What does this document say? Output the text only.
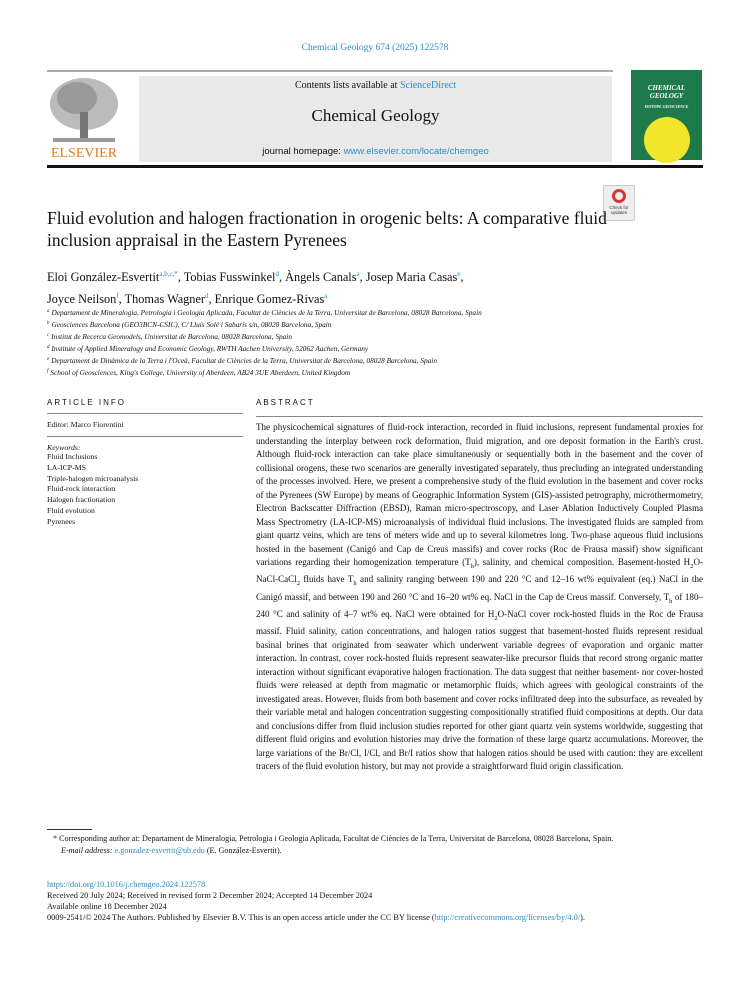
Chemical Geology 674 (2025) 122578
ELSEVIER
Contents lists available at ScienceDirect
Chemical Geology
journal homepage: www.elsevier.com/locate/chemgeo
CHEMICAL GEOLOGY
ISOTOPE GEOSCIENCE
Check for updates
Fluid evolution and halogen fractionation in orogenic belts: A comparative fluid inclusion appraisal in the Eastern Pyrenees
Eloi González-Esvertit$^{a,b,c,*}$, Tobias Fusswinkel$^d$, Àngels Canals$^a$, Josep Maria Casas$^e$,
Joyce Neilson$^f$, Thomas Wagner$^d$, Enrique Gomez-Rivas$^a$
$^a$ Departament de Mineralogia, Petrologia i Geologia Aplicada, Facultat de Ciències de la Terra, Universitat de Barcelona, 08028 Barcelona, Spain
$^b$ Geosciences Barcelona (GEO3BCN-CSIC), C/ Lluís Solé i Sabarís s/n, 08028 Barcelona, Spain
$^c$ Institut de Recerca Geomodels, Universitat de Barcelona, 08028 Barcelona, Spain
$^d$ Institute of Applied Mineralogy and Economic Geology, RWTH Aachen University, 52062 Aachen, Germany
$^e$ Departament de Dinàmica de la Terra i l'Oceà, Facultat de Ciències de la Terra, Universitat de Barcelona, 08028 Barcelona, Spain
$^f$ School of Geosciences, King's College, University of Aberdeen, AB24 3UE Aberdeen, United Kingdom
ARTICLE INFO
Editor: Marco Fiorentini
Keywords:
Fluid Inclusions
LA-ICP-MS
Triple-halogen microanalysis
Fluid-rock interaction
Halogen fractionation
Fluid evolution
Pyrenees
ABSTRACT

The physicochemical signatures of fluid-rock interaction, recorded in fluid inclusions, represent fundamental proxies for understanding the interplay between rock deformation, fluid migration, and ore deposit formation in the Earth's crust. Although fluid-rock interaction can take place simultaneously or sequentially both in the basement and the cover of collisional orogens, these two scenarios are generally investigated separately, thus precluding an integrated understanding of the processes involved. Here, we present a comprehensive study of the fluid evolution in the basement and cover rocks of the Pyrenees (SW Europe) by means of Geographic Information System (GIS)-assisted petrography, microthermometry, Electron Backscatter Diffraction (EBSD), Raman micro-spectroscopy, and Laser Ablation Inductively Coupled Plasma Mass Spectrometry (LA-ICP-MS) microanalysis of individual fluid inclusions. The investigated fluids are sampled from giant quartz veins, which are tens of meters wide and up to several kilometres long. Two-phase aqueous fluid inclusions hosted in the basement (Canigó and Cap de Creus massifs) and cover rocks (Roc de Frausa massif) show significant variations regarding their homogenization temperature $(T_h)$, salinity, and chemical composition. Basement-hosted $H_2O-NaCl-CaCl_2$ fluids have $T_h$ and salinity ranging between 190 and 220 °C and 12–16 wt% equivalent (eq.) NaCl in the Canigó massif, and between 190 and 260 °C and 16–20 wt% eq. NaCl in the Cap de Creus massif. Conversely, $T_h$ of 180–240 °C and salinity of 4–7 wt% eq. NaCl were obtained for $H_2O$-NaCl cover rock-hosted fluids in the Roc de Frausa massif. Fluid salinity, cation concentrations, and halogen ratios suggest that basement-hosted fluids represent residual basinal brines that originated from seawater which underwent variable degrees of evaporation and organic matter interaction. In contrast, cover rock-hosted fluids represent seawater-like precursor fluids that record strong organic matter interaction without significant evaporative halogen fractionation. The data suggest that neither basement- nor cover-hosted fluids were released at depth from magmatic or metamorphic fluids, which agrees with geological constraints of the investigated areas. However, fluids from both basement and cover rocks infiltrated deep into the subsurface, as revealed by their variable metal and halogen concentration suggesting compositionally stratified fluid compositions at depth. Our data and conclusions differ from fluid inclusion studies reported for other giant quartz vein systems worldwide, suggesting that different fluid origins and evolution histories may drive the formation of these large quartz accumulations. Moreover, the large variations of the Br/Cl, I/Cl, and Br/I ratios show that halogen ratios should be used with caution: they are excellent tracers of the fluid evolution history, but may not provide a straightforward fluid origin classification.

* Corresponding author at: Departament de Mineralogia, Petrologia i Geologia Aplicada, Facultat de Ciències de la Terra, Universitat de Barcelona, 08028 Barcelona, Spain.
E-mail address: e.gonzalez-esvertit@ub.edu (E. González-Esvertit).
https://doi.org/10.1016/j.chemgeo.2024.122578
Received 20 July 2024; Received in revised form 2 December 2024; Accepted 14 December 2024
Available online 18 December 2024
0009-2541/© 2024 The Authors. Published by Elsevier B.V. This is an open access article under the CC BY license (http://creativecommons.org/licenses/by/4.0/).
